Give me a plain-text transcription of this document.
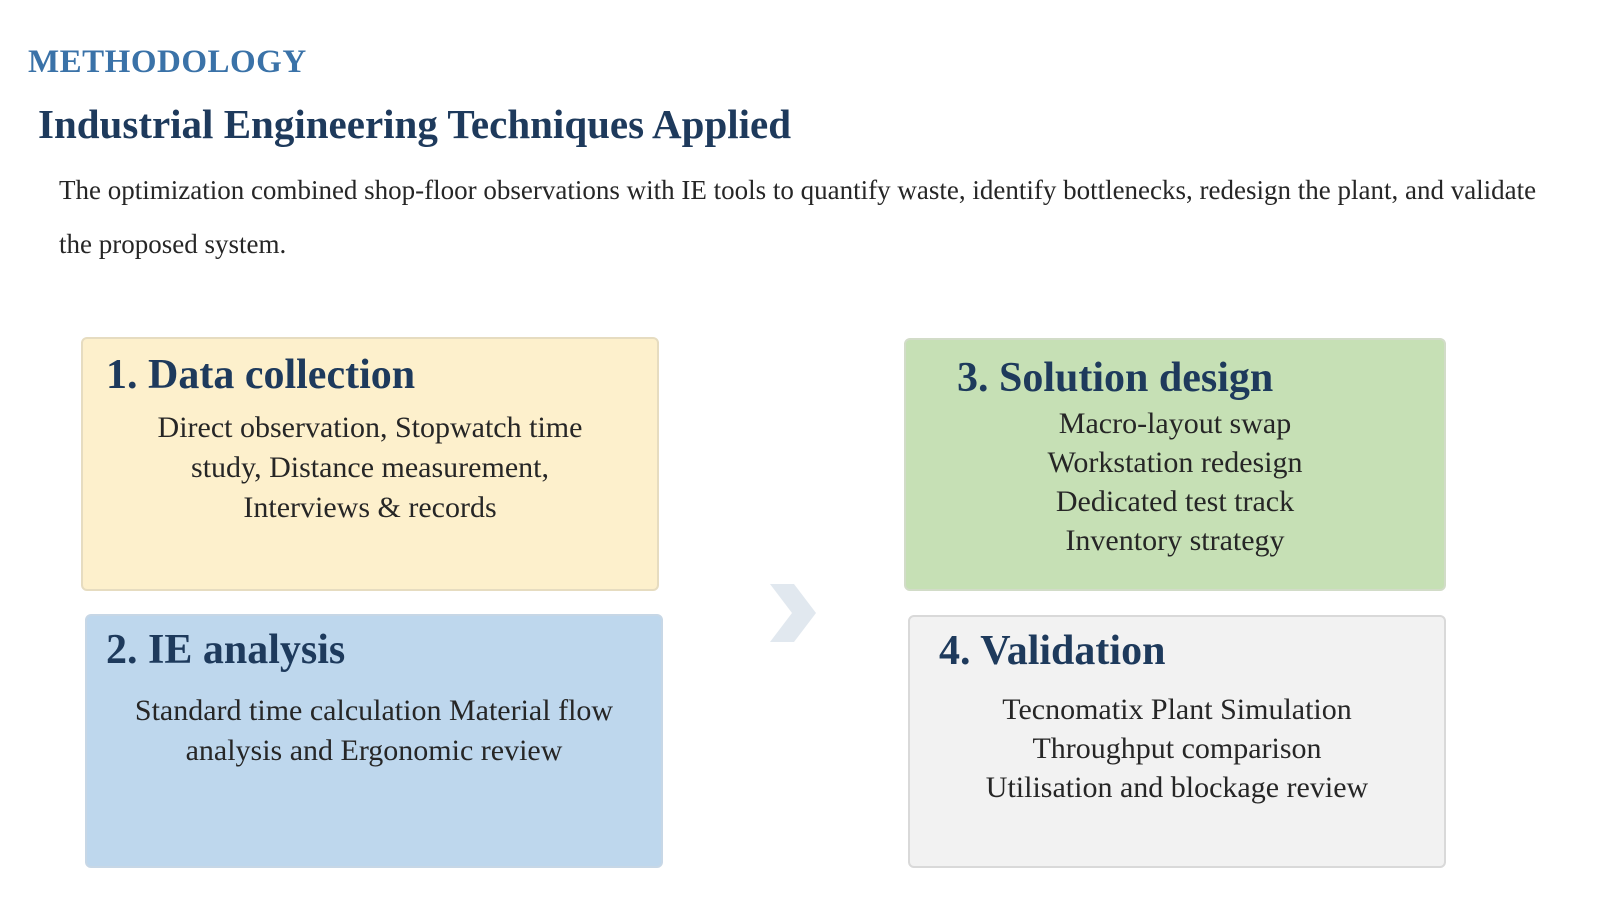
METHODOLOGY
Industrial Engineering Techniques Applied

The optimization combined shop-floor observations with IE tools to quantify waste, identify bottlenecks, redesign the plant, and validate the proposed system.

1. Data collection
Direct observation, Stopwatch time study, Distance measurement, Interviews & records
2. IE analysis
Standard time calculation Material flow analysis and Ergonomic review
3. Solution design
Macro-layout swap
Workstation redesign
Dedicated test track
Inventory strategy
4. Validation
Tecnomatix Plant Simulation
Throughput comparison
Utilisation and blockage review
